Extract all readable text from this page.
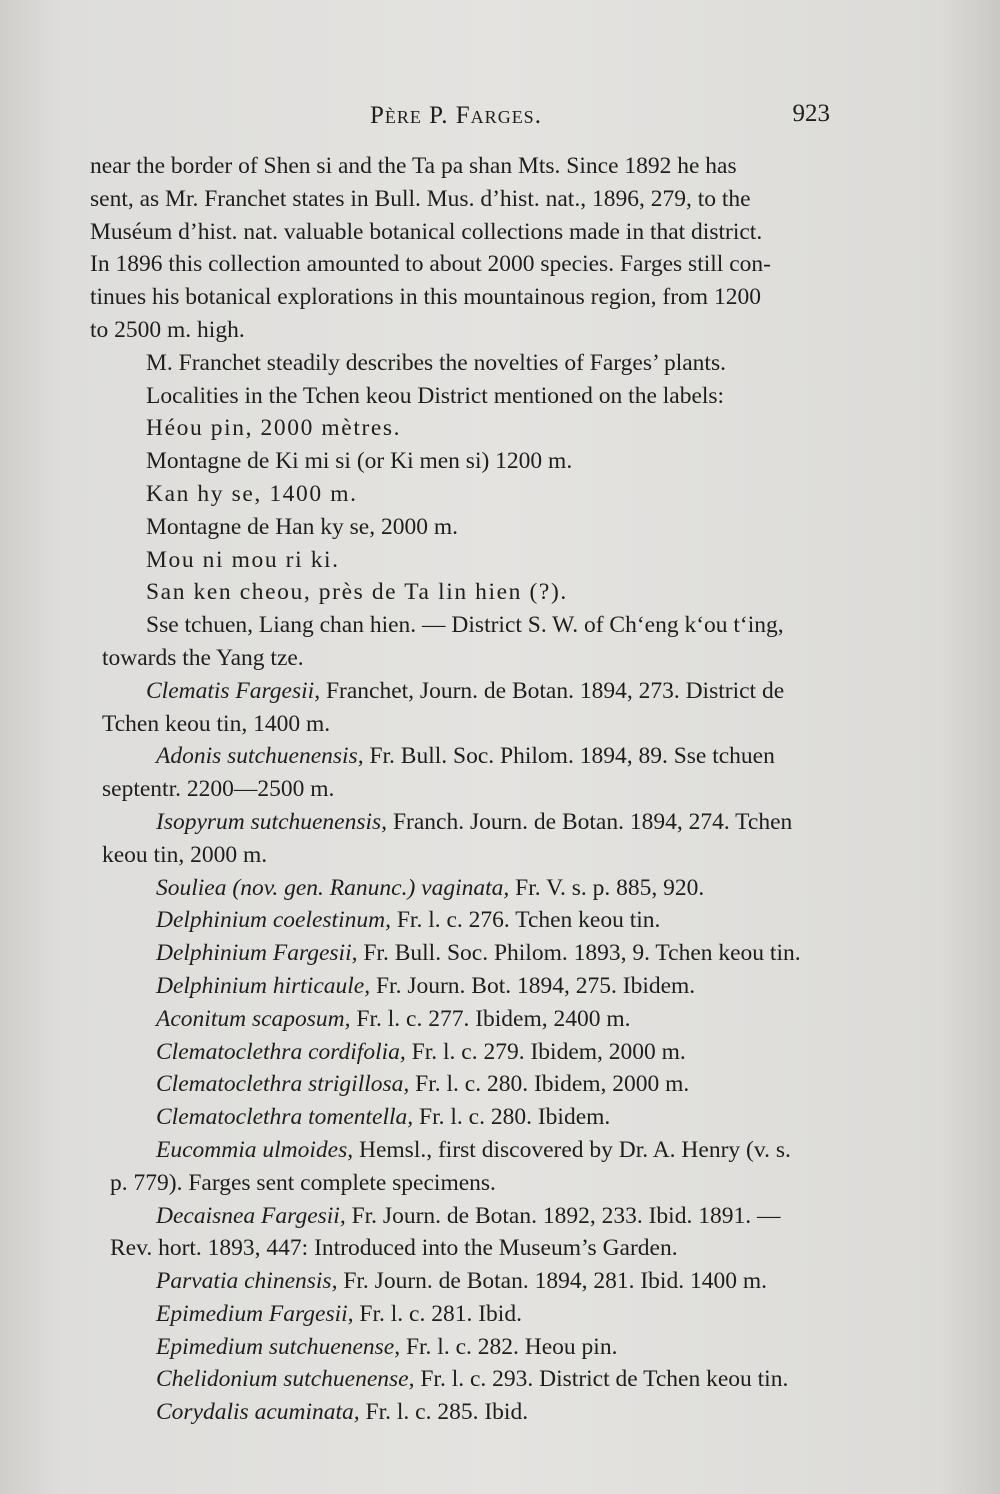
Père P. Farges.	923
near the border of Shen si and the Ta pa shan Mts. Since 1892 he has
sent, as Mr. Franchet states in Bull. Mus. d’hist. nat., 1896, 279, to the
Muséum d’hist. nat. valuable botanical collections made in that district.
In 1896 this collection amounted to about 2000 species. Farges still con-
tinues his botanical explorations in this mountainous region, from 1200
to 2500 m. high.
M. Franchet steadily describes the novelties of Farges’ plants.
Localities in the Tchen keou District mentioned on the labels:
Héou pin, 2000 mètres.
Montagne de Ki mi si (or Ki men si) 1200 m.
Kan hy se, 1400 m.
Montagne de Han ky se, 2000 m.
Mou ni mou ri ki.
San ken cheou, près de Ta lin hien (?).
Sse tchuen, Liang chan hien. — District S. W. of Chʻeng kʻou tʻing,
towards the Yang tze.
Clematis Fargesii, Franchet, Journ. de Botan. 1894, 273. District de
Tchen keou tin, 1400 m.
Adonis sutchuenensis, Fr. Bull. Soc. Philom. 1894, 89. Sse tchuen
septentr. 2200—2500 m.
Isopyrum sutchuenensis, Franch. Journ. de Botan. 1894, 274. Tchen
keou tin, 2000 m.
Souliea (nov. gen. Ranunc.) vaginata, Fr. V. s. p. 885, 920.
Delphinium coelestinum, Fr. l. c. 276. Tchen keou tin.
Delphinium Fargesii, Fr. Bull. Soc. Philom. 1893, 9. Tchen keou tin.
Delphinium hirticaule, Fr. Journ. Bot. 1894, 275. Ibidem.
Aconitum scaposum, Fr. l. c. 277. Ibidem, 2400 m.
Clematoclethra cordifolia, Fr. l. c. 279. Ibidem, 2000 m.
Clematoclethra strigillosa, Fr. l. c. 280. Ibidem, 2000 m.
Clematoclethra tomentella, Fr. l. c. 280. Ibidem.
Eucommia ulmoides, Hemsl., first discovered by Dr. A. Henry (v. s.
p. 779). Farges sent complete specimens.
Decaisnea Fargesii, Fr. Journ. de Botan. 1892, 233. Ibid. 1891. —
Rev. hort. 1893, 447: Introduced into the Museum’s Garden.
Parvatia chinensis, Fr. Journ. de Botan. 1894, 281. Ibid. 1400 m.
Epimedium Fargesii, Fr. l. c. 281. Ibid.
Epimedium sutchuenense, Fr. l. c. 282. Heou pin.
Chelidonium sutchuenense, Fr. l. c. 293. District de Tchen keou tin.
Corydalis acuminata, Fr. l. c. 285. Ibid.
